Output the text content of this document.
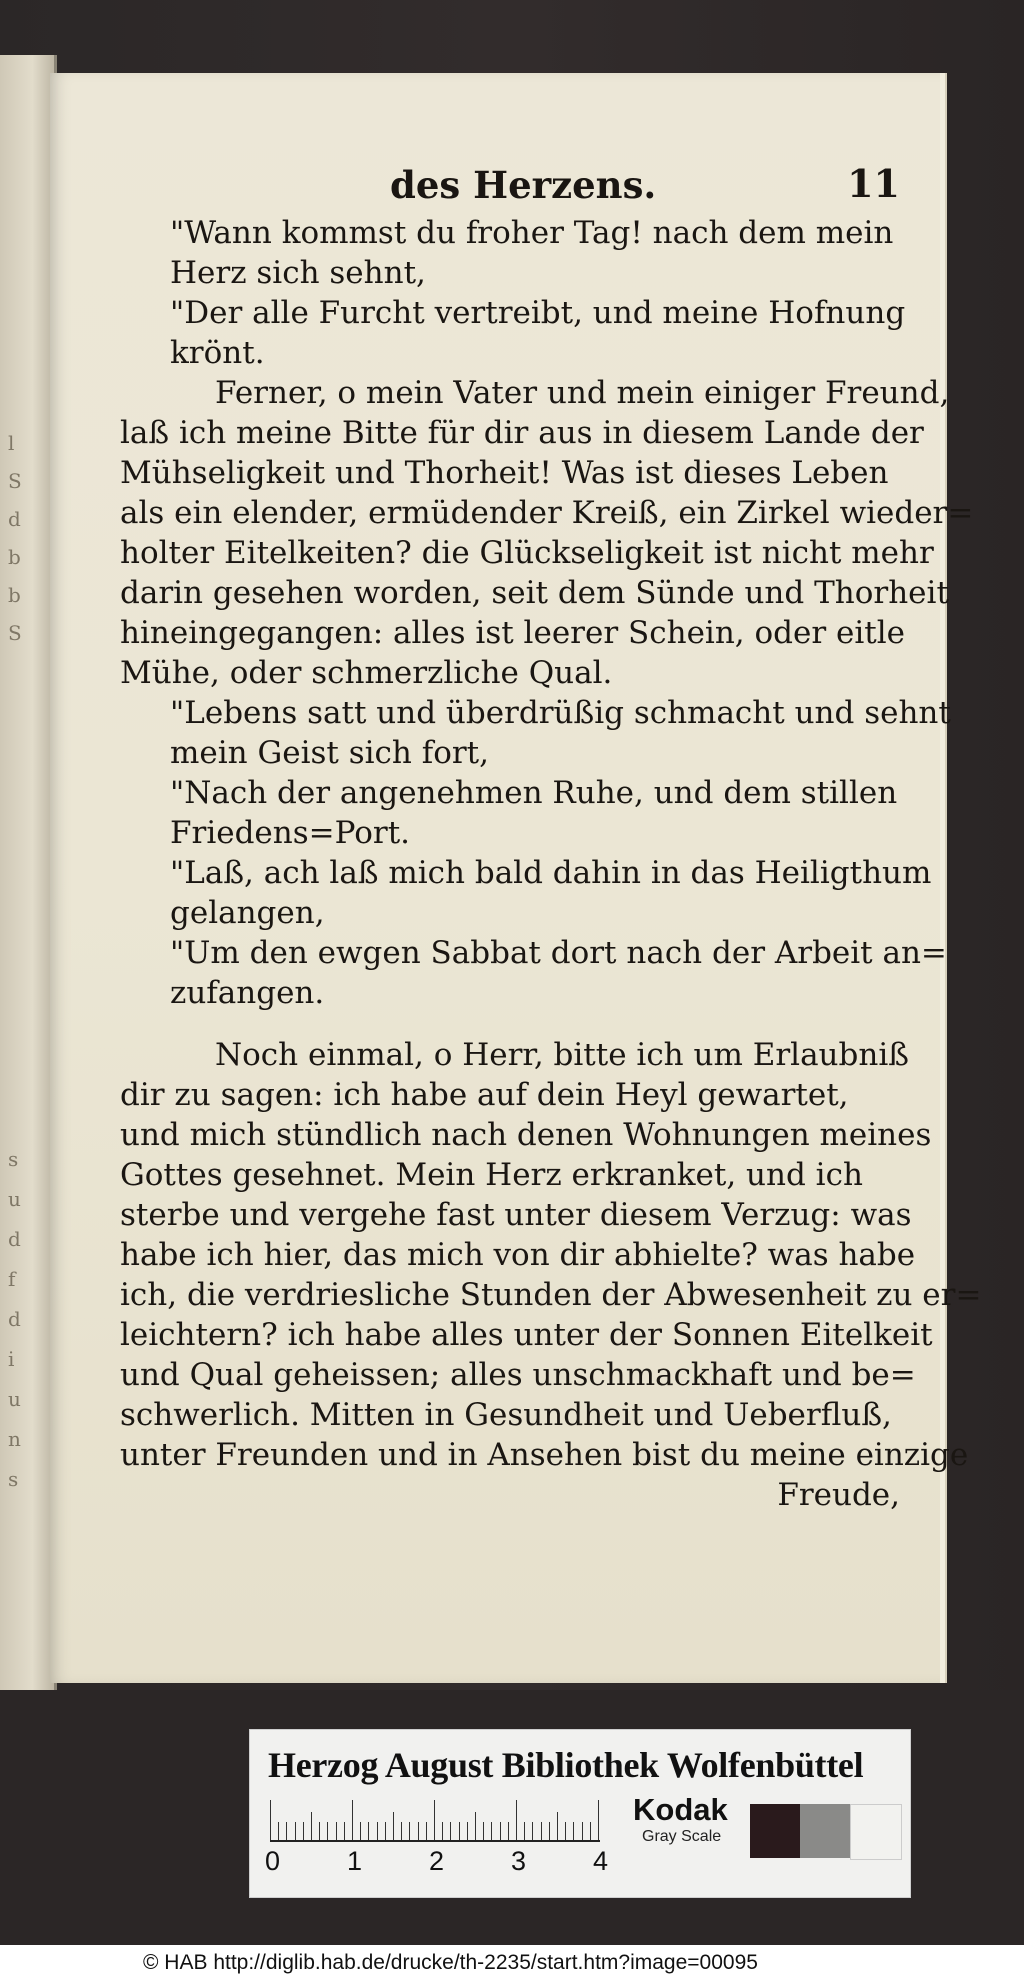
l
S
d
b
b
S
s
u
d
f
d
i
u
n
s
des Herzens.	11
"Wann kommst du froher Tag! nach dem mein
Herz sich sehnt,
"Der alle Furcht vertreibt, und meine Hofnung
krönt.
Ferner, o mein Vater und mein einiger Freund,
laß ich meine Bitte für dir aus in diesem Lande der
Mühseligkeit und Thorheit! Was ist dieses Leben
als ein elender, ermüdender Kreiß, ein Zirkel wieder=
holter Eitelkeiten? die Glückseligkeit ist nicht mehr
darin gesehen worden, seit dem Sünde und Thorheit
hineingegangen: alles ist leerer Schein, oder eitle
Mühe, oder schmerzliche Qual.
"Lebens satt und überdrüßig schmacht und sehnt
mein Geist sich fort,
"Nach der angenehmen Ruhe, und dem stillen
Friedens=Port.
"Laß, ach laß mich bald dahin in das Heiligthum
gelangen,
"Um den ewgen Sabbat dort nach der Arbeit an=
zufangen.
Noch einmal, o Herr, bitte ich um Erlaubniß
dir zu sagen: ich habe auf dein Heyl gewartet,
und mich stündlich nach denen Wohnungen meines
Gottes gesehnet. Mein Herz erkranket, und ich
sterbe und vergehe fast unter diesem Verzug: was
habe ich hier, das mich von dir abhielte? was habe
ich, die verdriesliche Stunden der Abwesenheit zu er=
leichtern? ich habe alles unter der Sonnen Eitelkeit
und Qual geheissen; alles unschmackhaft und be=
schwerlich. Mitten in Gesundheit und Ueberfluß,
unter Freunden und in Ansehen bist du meine einzige
Freude,
Herzog August Bibliothek Wolfenbüttel
0 1 2 3 4
Kodak
Gray Scale
© HAB http://diglib.hab.de/drucke/th-2235/start.htm?image=00095
